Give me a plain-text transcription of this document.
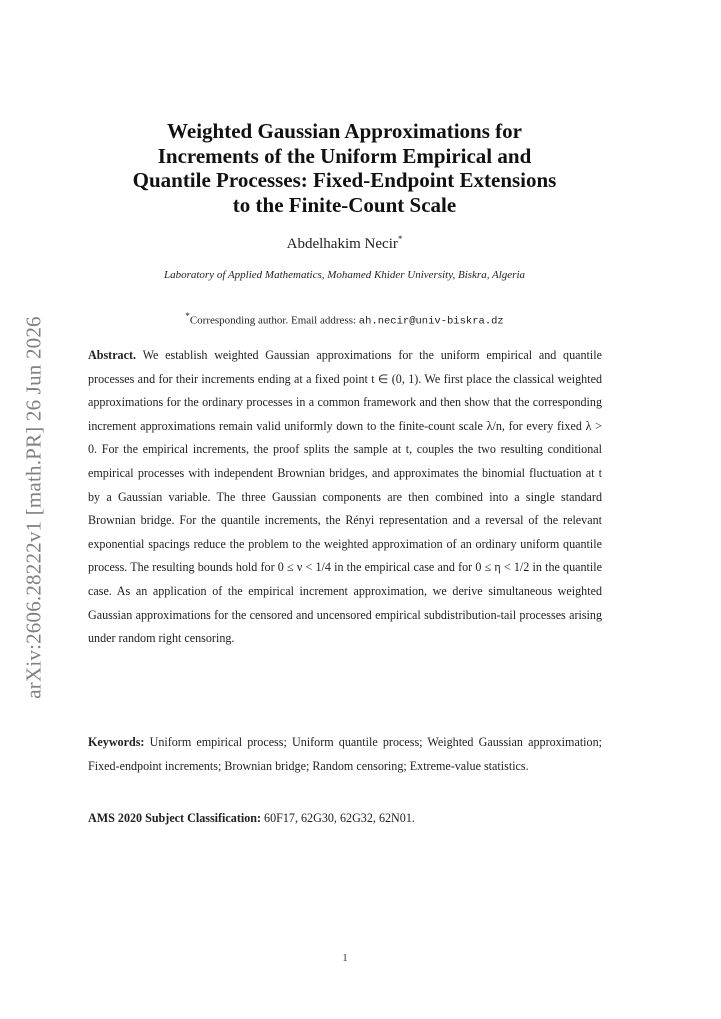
arXiv:2606.28222v1 [math.PR] 26 Jun 2026
Weighted Gaussian Approximations for
Increments of the Uniform Empirical and
Quantile Processes: Fixed-Endpoint Extensions
to the Finite-Count Scale
Abdelhakim Necir*
Laboratory of Applied Mathematics, Mohamed Khider University, Biskra, Algeria
*Corresponding author. Email address: ah.necir@univ-biskra.dz
Abstract. We establish weighted Gaussian approximations for the uniform empirical and quantile processes and for their increments ending at a fixed point t ∈ (0, 1). We first place the classical weighted approximations for the ordinary processes in a common framework and then show that the corresponding increment approximations remain valid uniformly down to the finite-count scale λ/n, for every fixed λ > 0. For the empirical increments, the proof splits the sample at t, couples the two resulting conditional empirical processes with independent Brownian bridges, and approximates the binomial fluctuation at t by a Gaussian variable. The three Gaussian components are then combined into a single standard Brownian bridge. For the quantile increments, the Rényi representation and a reversal of the relevant exponential spacings reduce the problem to the weighted approximation of an ordinary uniform quantile process. The resulting bounds hold for 0 ≤ ν < 1/4 in the empirical case and for 0 ≤ η < 1/2 in the quantile case. As an application of the empirical increment approximation, we derive simultaneous weighted Gaussian approximations for the censored and uncensored empirical subdistribution-tail processes arising under random right censoring.
Keywords: Uniform empirical process; Uniform quantile process; Weighted Gaussian approximation; Fixed-endpoint increments; Brownian bridge; Random censoring; Extreme-value statistics.
AMS 2020 Subject Classification: 60F17, 62G30, 62G32, 62N01.
1
